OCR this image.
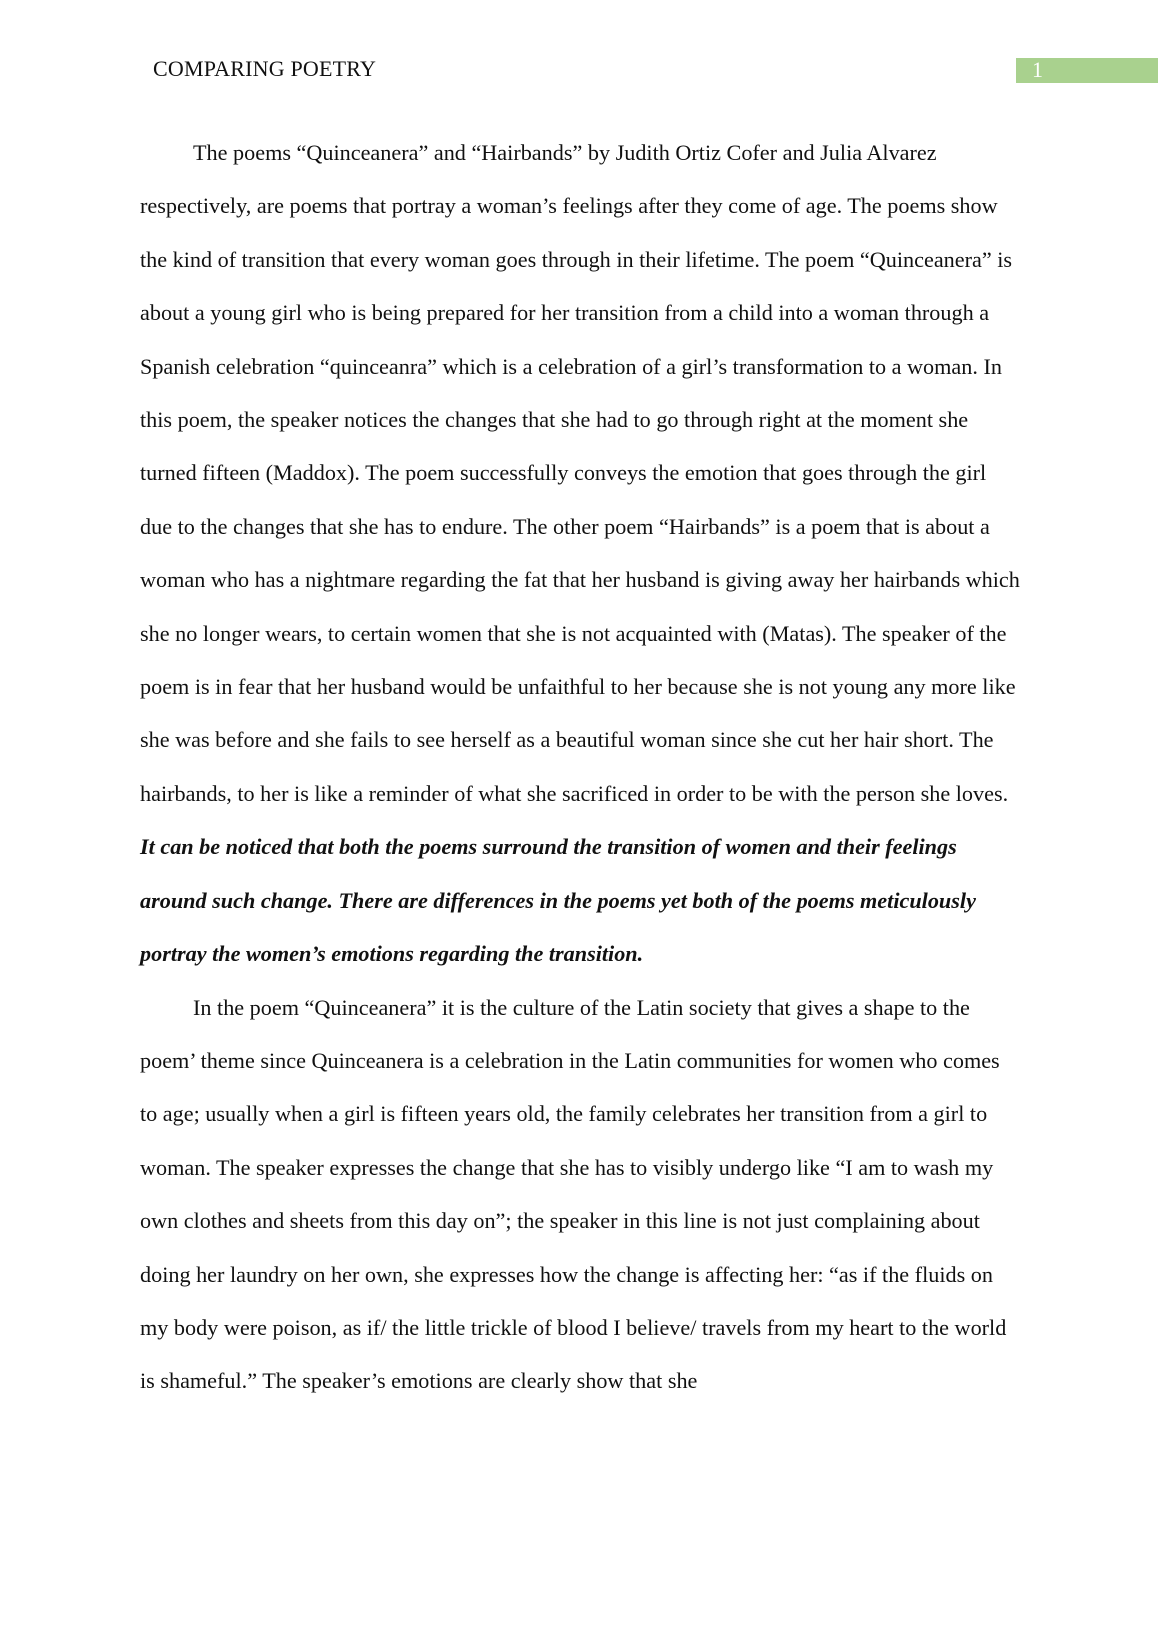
COMPARING POETRY	1

The poems “Quinceanera” and “Hairbands” by Judith Ortiz Cofer and Julia Alvarez respectively, are poems that portray a woman’s feelings after they come of age. The poems show the kind of transition that every woman goes through in their lifetime. The poem “Quinceanera” is about a young girl who is being prepared for her transition from a child into a woman through a Spanish celebration “quinceanra” which is a celebration of a girl’s transformation to a woman. In this poem, the speaker notices the changes that she had to go through right at the moment she turned fifteen (Maddox). The poem successfully conveys the emotion that goes through the girl due to the changes that she has to endure. The other poem “Hairbands” is a poem that is about a woman who has a nightmare regarding the fat that her husband is giving away her hairbands which she no longer wears, to certain women that she is not acquainted with (Matas). The speaker of the poem is in fear that her husband would be unfaithful to her because she is not young any more like she was before and she fails to see herself as a beautiful woman since she cut her hair short. The hairbands, to her is like a reminder of what she sacrificed in order to be with the person she loves. It can be noticed that both the poems surround the transition of women and their feelings around such change. There are differences in the poems yet both of the poems meticulously portray the women’s emotions regarding the transition.

In the poem “Quinceanera” it is the culture of the Latin society that gives a shape to the poem’ theme since Quinceanera is a celebration in the Latin communities for women who comes to age; usually when a girl is fifteen years old, the family celebrates her transition from a girl to woman. The speaker expresses the change that she has to visibly undergo like “I am to wash my own clothes and sheets from this day on”; the speaker in this line is not just complaining about doing her laundry on her own, she expresses how the change is affecting her: “as if the fluids on my body were poison, as if/ the little trickle of blood I believe/ travels from my heart to the world is shameful.” The speaker’s emotions are clearly show that she
